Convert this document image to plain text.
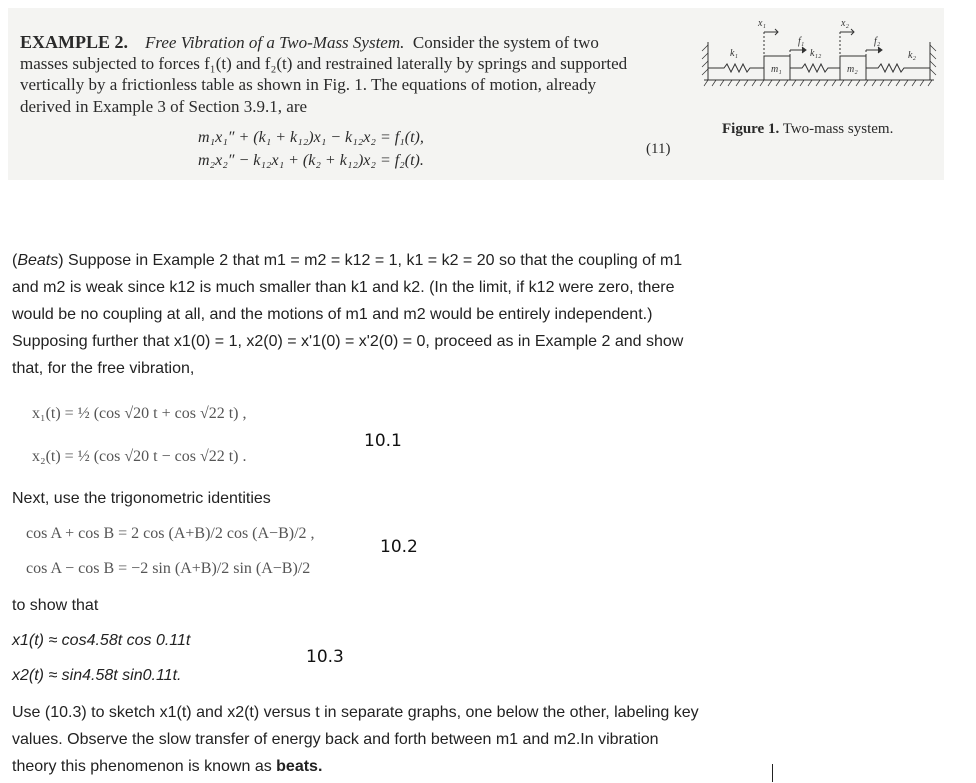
EXAMPLE 2. Free Vibration of a Two-Mass System. Consider the system of two
masses subjected to forces f₁(t) and f₂(t) and restrained laterally by springs and supported
vertically by a frictionless table as shown in Fig. 1. The equations of motion, already
derived in Example 3 of Section 3.9.1, are
m₁x₁″ + (k₁ + k₁₂)x₁ − k₁₂x₂ = f₁(t),
m₂x₂″ − k₁₂x₁ + (k₂ + k₁₂)x₂ = f₂(t).
(11)
x₁	x₂
f₁	f₂
k₁	k₁₂	k₂
m₁	m₂
Figure 1. Two-mass system.
(Beats) Suppose in Example 2 that m1 = m2 = k12 = 1, k1 = k2 = 20 so that the coupling of m1
and m2 is weak since k12 is much smaller than k1 and k2. (In the limit, if k12 were zero, there
would be no coupling at all, and the motions of m1 and m2 would be entirely independent.)
Supposing further that x1(0) = 1, x2(0) = x'1(0) = x'2(0) = 0, proceed as in Example 2 and show
that, for the free vibration,
x₁(t) = ½ (cos √20 t + cos √22 t) ,
x₂(t) = ½ (cos √20 t − cos √22 t) .
10.1
Next, use the trigonometric identities
cos A + cos B = 2 cos (A+B)/2 cos (A−B)/2 ,
cos A − cos B = −2 sin (A+B)/2 sin (A−B)/2
10.2
to show that
x1(t) ≈ cos4.58t cos 0.11t
x2(t) ≈ sin4.58t sin0.11t.
10.3
Use (10.3) to sketch x1(t) and x2(t) versus t in separate graphs, one below the other, labeling key
values. Observe the slow transfer of energy back and forth between m1 and m2.In vibration
theory this phenomenon is known as beats.
